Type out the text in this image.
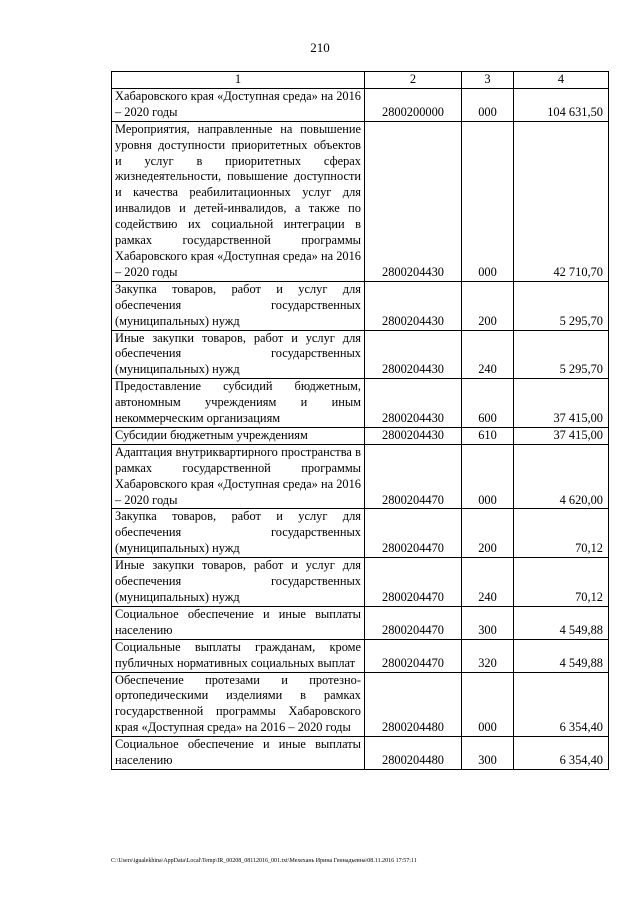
210
1	2	3	4
Хабаровского края «Доступная среда» на 2016 – 2020 годы	2800200000	000	104 631,50
Мероприятия, направленные на повышение уровня доступности приоритетных объектов и услуг в приоритетных сферах жизнедеятельности, повышение доступности и качества реабилитационных услуг для инвалидов и детей-инвалидов, а также по содействию их социальной интеграции в рамках государственной программы Хабаровского края «Доступная среда» на 2016 – 2020 годы	2800204430	000	42 710,70
Закупка товаров, работ и услуг для обеспечения государственных (муниципальных) нужд	2800204430	200	5 295,70
Иные закупки товаров, работ и услуг для обеспечения государственных (муниципальных) нужд	2800204430	240	5 295,70
Предоставление субсидий бюджетным, автономным учреждениям и иным некоммерческим организациям	2800204430	600	37 415,00
Субсидии бюджетным учреждениям	2800204430	610	37 415,00
Адаптация внутриквартирного пространства в рамках государственной программы Хабаровского края «Доступная среда» на 2016 – 2020 годы	2800204470	000	4 620,00
Закупка товаров, работ и услуг для обеспечения государственных (муниципальных) нужд	2800204470	200	70,12
Иные закупки товаров, работ и услуг для обеспечения государственных (муниципальных) нужд	2800204470	240	70,12
Социальное обеспечение и иные выплаты населению	2800204470	300	4 549,88
Социальные выплаты гражданам, кроме публичных нормативных социальных выплат	2800204470	320	4 549,88
Обеспечение протезами и протезно-ортопедическими изделиями в рамках государственной программы Хабаровского края «Доступная среда» на 2016 – 2020 годы	2800204480	000	6 354,40
Социальное обеспечение и иные выплаты населению	2800204480	300	6 354,40
C:\Users\igualekhina\AppData\Local\Temp\IR_00208_08112016_001.txt\Мехехань Ирина Геннадьевна\08.11.2016 17:57:11
